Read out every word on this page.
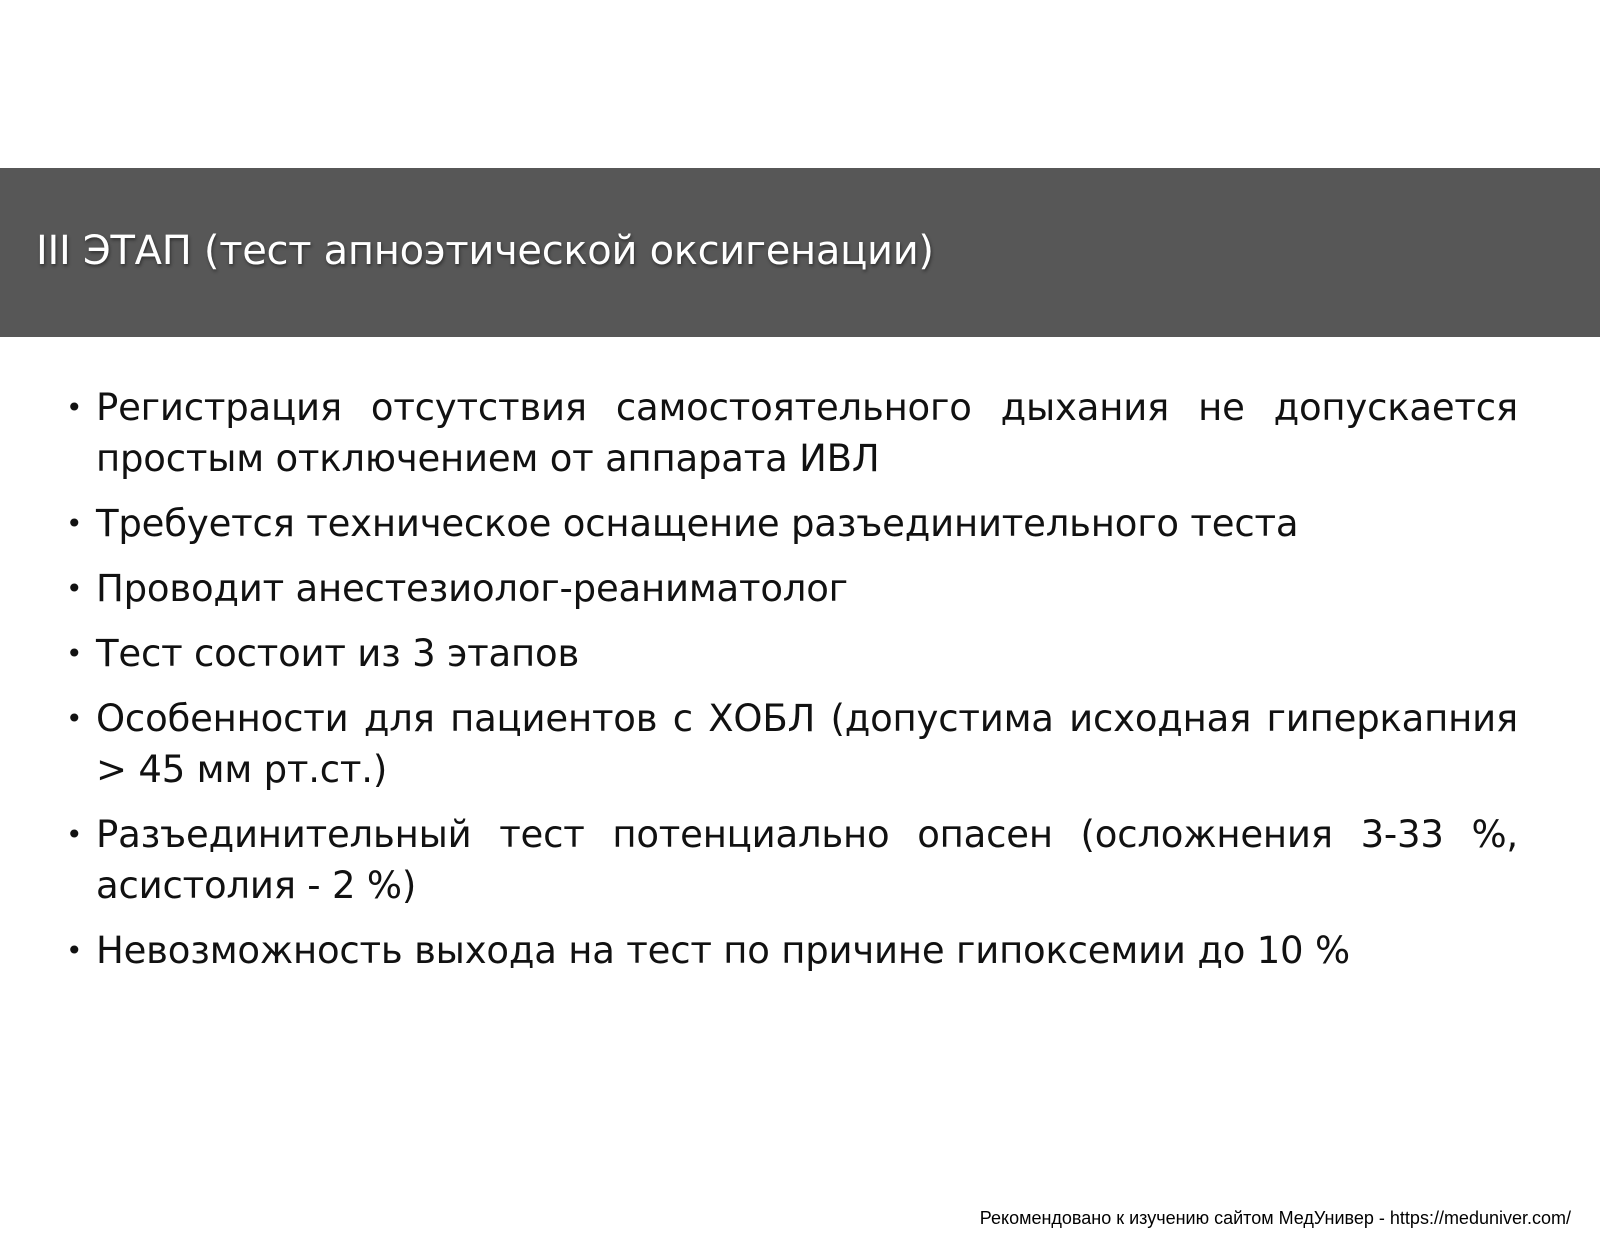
III ЭТАП (тест апноэтической оксигенации)
• Регистрация отсутствия самостоятельного дыхания не допускается простым отключением от аппарата ИВЛ
• Требуется техническое оснащение разъединительного теста
• Проводит анестезиолог-реаниматолог
• Тест состоит из 3 этапов
• Особенности для пациентов с ХОБЛ (допустима исходная гиперкапния > 45 мм рт.ст.)
• Разъединительный тест потенциально опасен (осложнения 3-33 %, асистолия - 2 %)
• Невозможность выхода на тест по причине гипоксемии до 10 %
Рекомендовано к изучению сайтом МедУнивер - https://meduniver.com/
